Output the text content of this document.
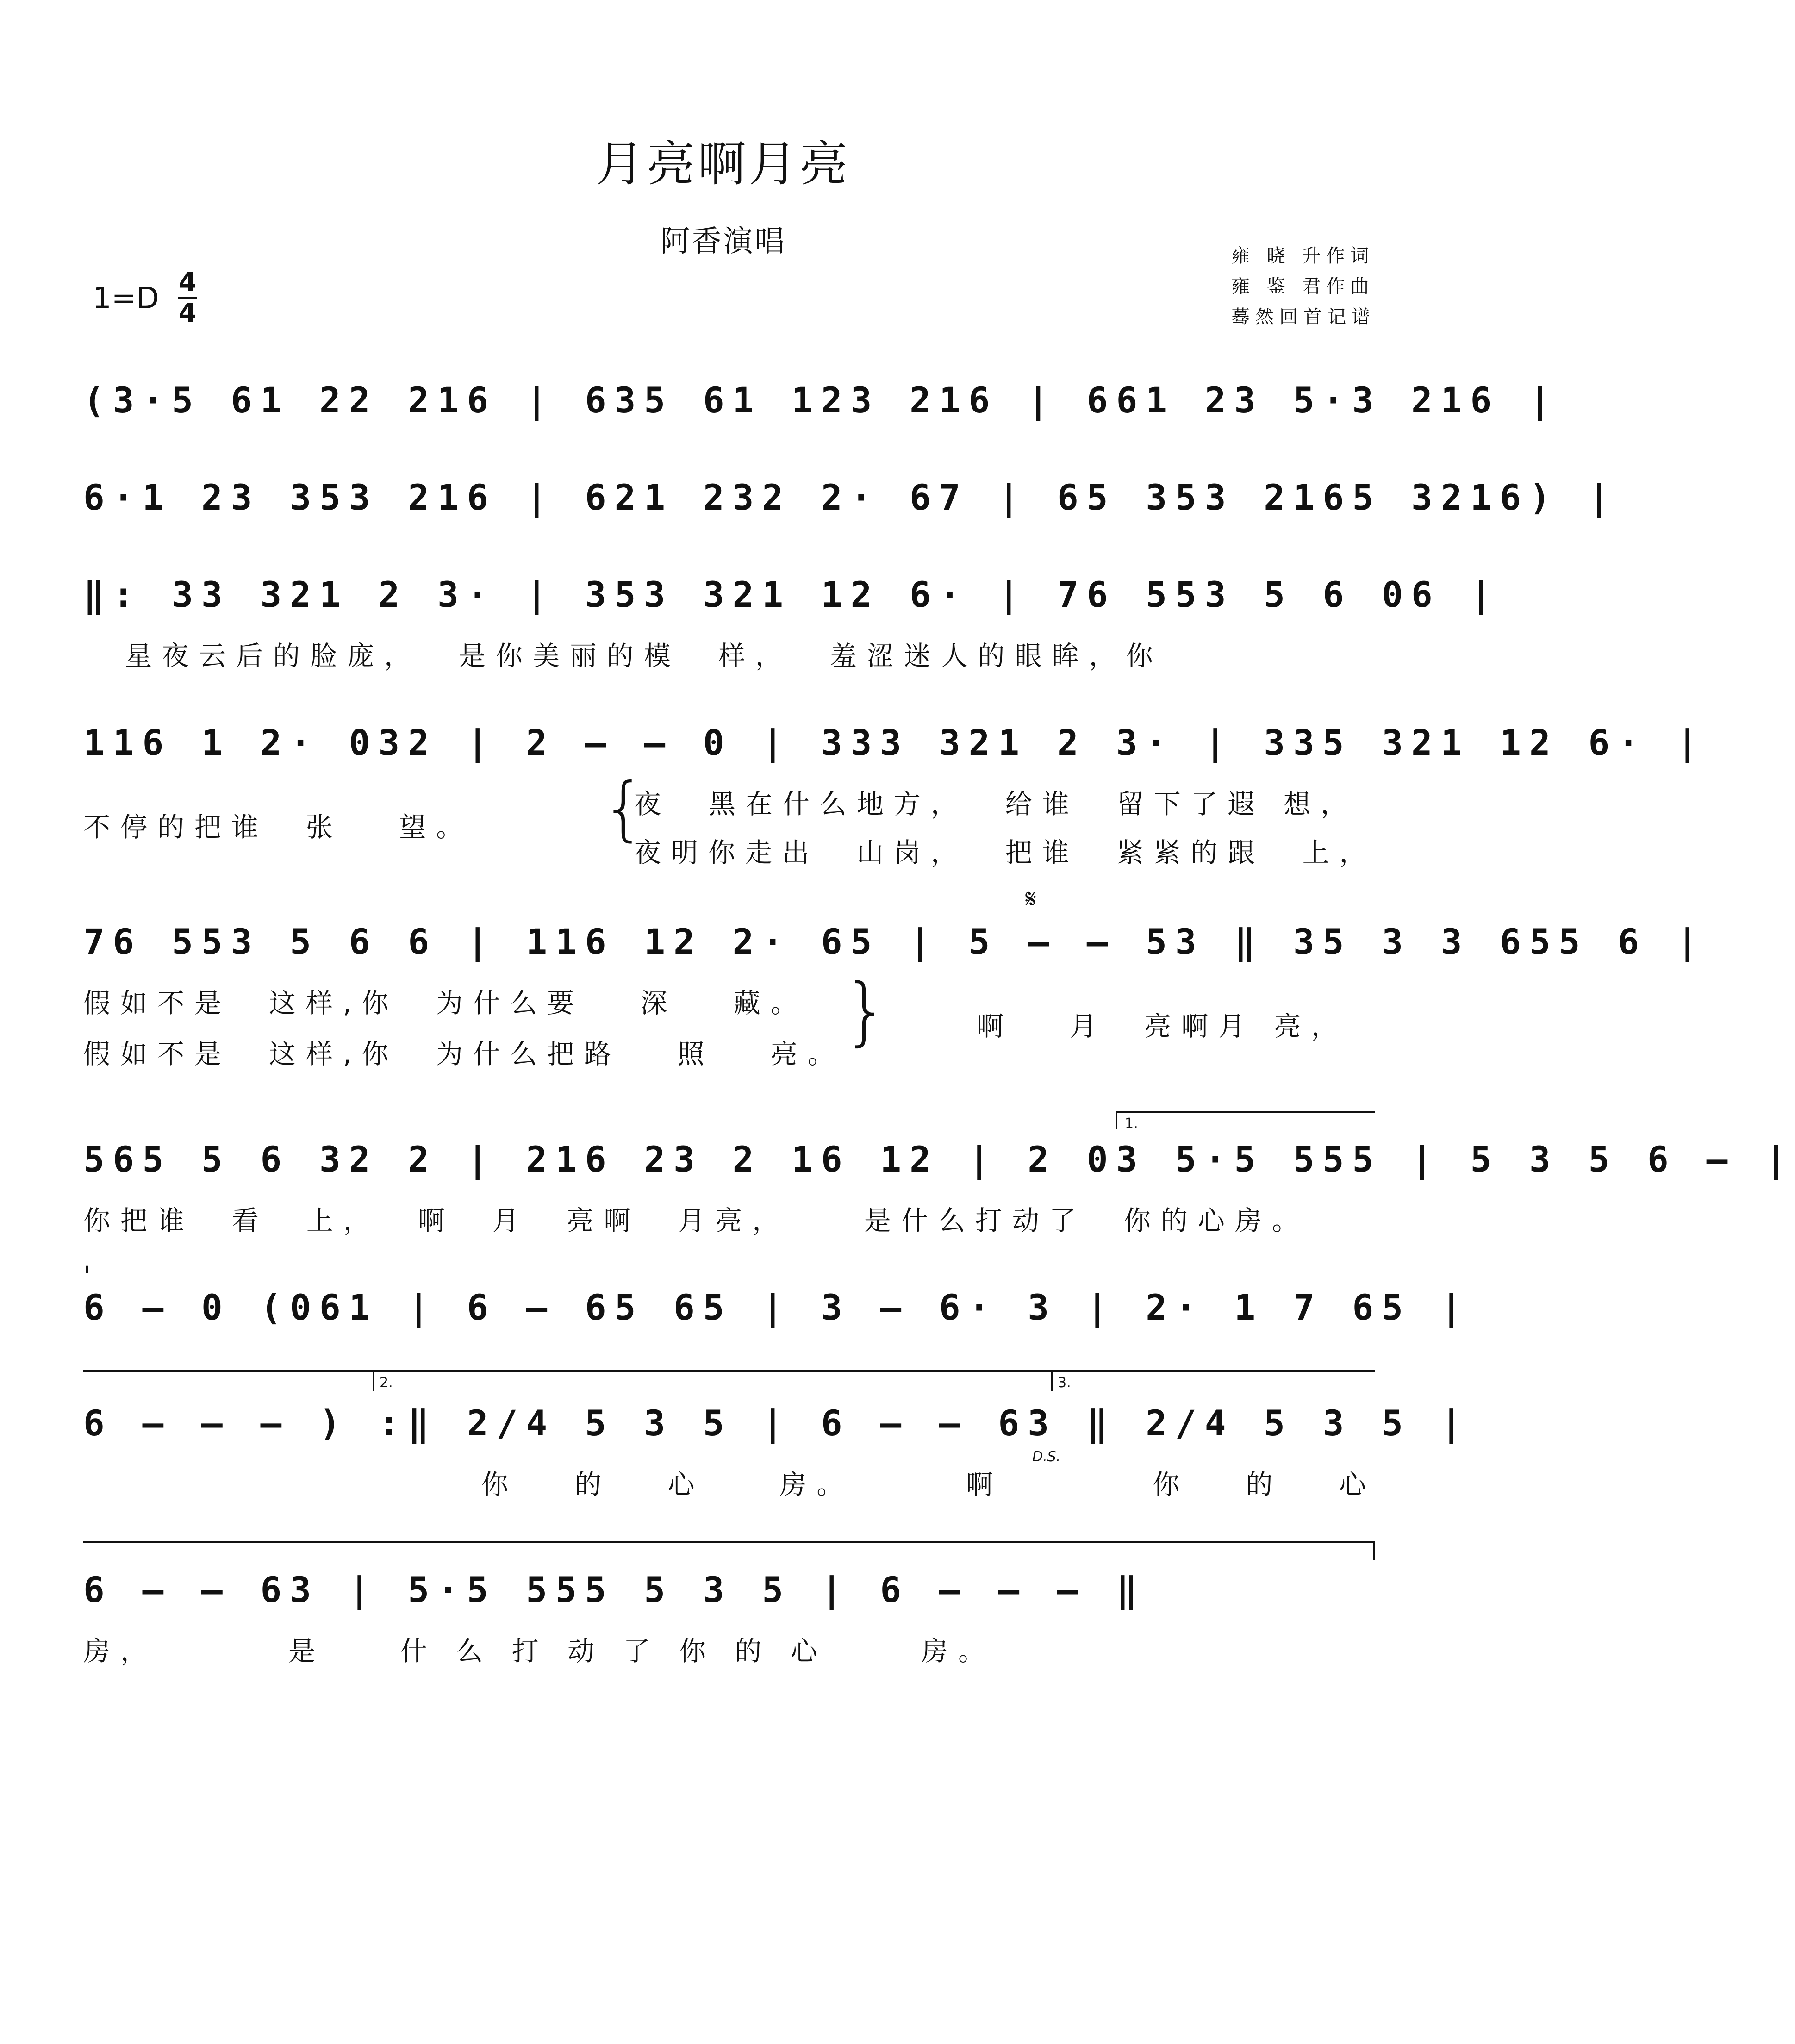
月亮啊月亮
阿香演唱	雍 晓 升作词
雍 鉴 君作曲
蓦然回首记谱
1=D 4
4
(3·5 61 22 216 | 635 61 123 216 | 661 23 5·3 216 |
6·1 23 353 216 | 621 232 2· 67 | 65 353 2165 3216) |
‖: 33 321 2 3· | 353 321 12 6· | 76 553 5 6 06 |
星夜云后的脸庞，  是你美丽的模  样，  羞涩迷人的眼眸，你
116 1 2· 032 | 2 – – 0 | 333 321 2 3· | 335 321 12 6· |
不停的把谁  张   望。 {
夜  黑在什么地方，  给谁  留下了遐 想，
夜明你走出  山岗，  把谁  紧紧的跟  上，
76 553 5 6 6 | 116 12 2· 65 | 5 – – 53 ‖ 35 3 3 655 6 |
𝄋
假如不是  这样,你  为什么要   深   藏。
假如不是  这样,你  为什么把路   照   亮。
}	啊   月  亮啊月 亮，
1.
565 5 6 32 2 | 216 23 2 16 12 | 2 03 5·5 555 | 5 3 5 6 – |
你把谁  看  上，  啊  月  亮啊  月亮，    是什么打动了  你的心房。
'
6 – 0 (061 | 6 – 65 65 | 3 – 6· 3 | 2· 1 7 65 |
2.	3.
6 – – – ) :‖ 2/4 5 3 5 | 6 – – 63 ‖ 2/4 5 3 5 |
D.S.
你   的   心    房。      啊        你   的   心
6 – – 63 | 5·5 555 5 3 5 | 6 – – – ‖
房，       是    什 么 打 动 了 你 的 心     房。
